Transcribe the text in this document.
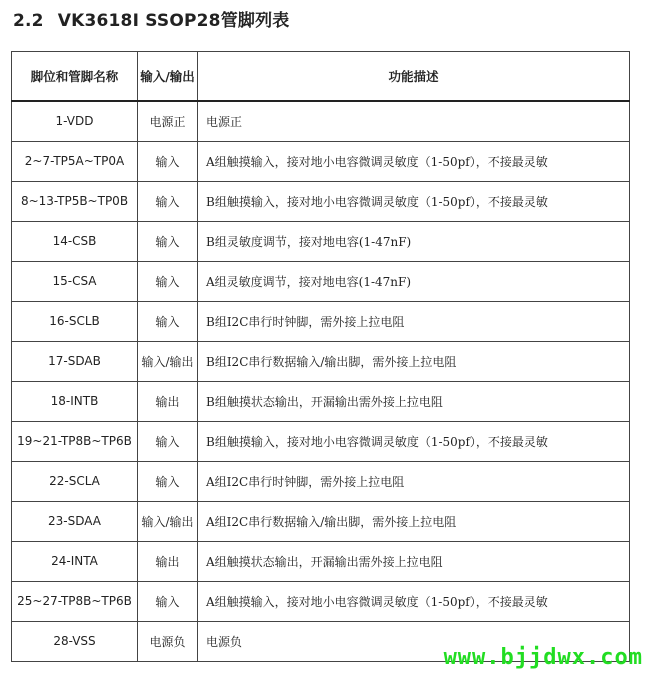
2.2 VK3618I SSOP28管脚列表
脚位和管脚名称	输入/输出	功能描述
1-VDD	电源正	电源正
2~7-TP5A~TP0A	输入	A组触摸输入，接对地小电容微调灵敏度（1-50pf），不接最灵敏
8~13-TP5B~TP0B	输入	B组触摸输入，接对地小电容微调灵敏度（1-50pf），不接最灵敏
14-CSB	输入	B组灵敏度调节，接对地电容(1-47nF)
15-CSA	输入	A组灵敏度调节，接对地电容(1-47nF)
16-SCLB	输入	B组I2C串行时钟脚，需外接上拉电阻
17-SDAB	输入/输出	B组I2C串行数据输入/输出脚，需外接上拉电阻
18-INTB	输出	B组触摸状态输出，开漏输出需外接上拉电阻
19~21-TP8B~TP6B	输入	B组触摸输入，接对地小电容微调灵敏度（1-50pf），不接最灵敏
22-SCLA	输入	A组I2C串行时钟脚，需外接上拉电阻
23-SDAA	输入/输出	A组I2C串行数据输入/输出脚，需外接上拉电阻
24-INTA	输出	A组触摸状态输出，开漏输出需外接上拉电阻
25~27-TP8B~TP6B	输入	A组触摸输入，接对地小电容微调灵敏度（1-50pf），不接最灵敏
28-VSS	电源负	电源负
www.bjjdwx.com
